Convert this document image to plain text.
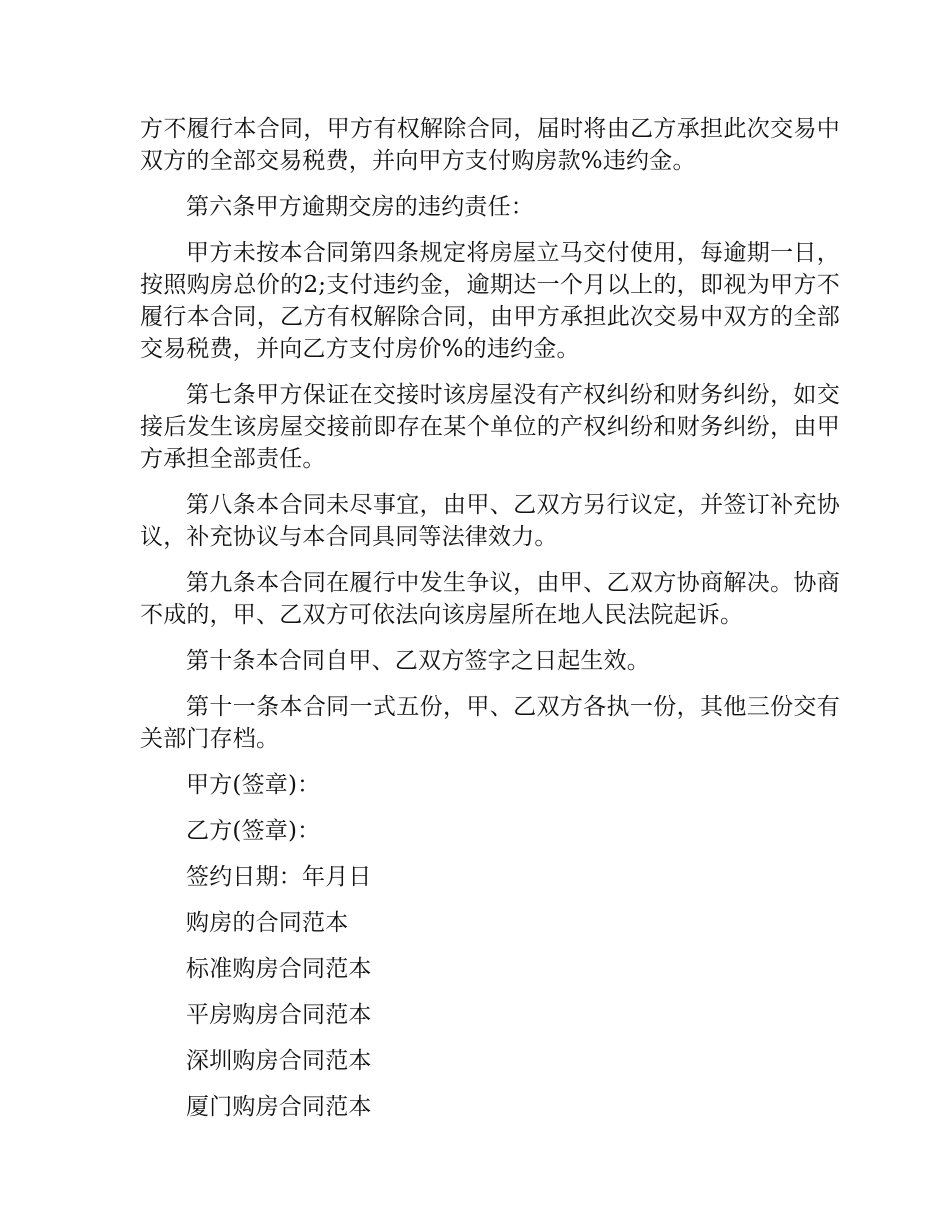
方不履行本合同，甲方有权解除合同，届时将由乙方承担此次交易中双方的全部交易税费，并向甲方支付购房款%违约金。

第六条甲方逾期交房的违约责任：

甲方未按本合同第四条规定将房屋立马交付使用，每逾期一日，按照购房总价的2;支付违约金，逾期达一个月以上的，即视为甲方不履行本合同，乙方有权解除合同，由甲方承担此次交易中双方的全部交易税费，并向乙方支付房价%的违约金。

第七条甲方保证在交接时该房屋没有产权纠纷和财务纠纷，如交接后发生该房屋交接前即存在某个单位的产权纠纷和财务纠纷，由甲方承担全部责任。

第八条本合同未尽事宜，由甲、乙双方另行议定，并签订补充协议，补充协议与本合同具同等法律效力。

第九条本合同在履行中发生争议，由甲、乙双方协商解决。协商不成的，甲、乙双方可依法向该房屋所在地人民法院起诉。

第十条本合同自甲、乙双方签字之日起生效。

第十一条本合同一式五份，甲、乙双方各执一份，其他三份交有关部门存档。

甲方(签章)：

乙方(签章)：

签约日期：年月日

购房的合同范本

标准购房合同范本

平房购房合同范本

深圳购房合同范本

厦门购房合同范本
